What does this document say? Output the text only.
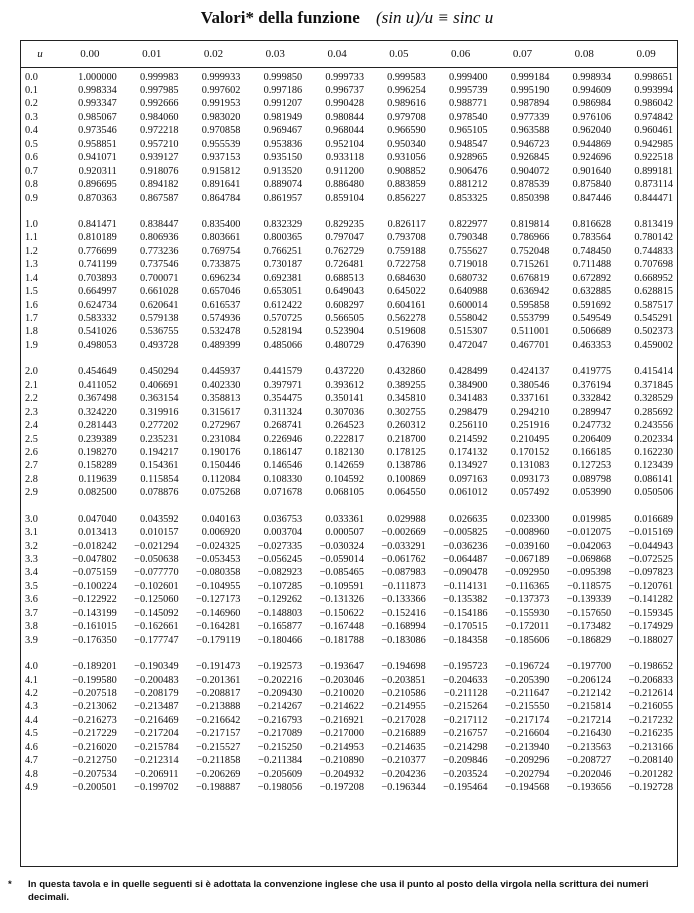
Valori* della funzione (sin u)/u ≡ sinc u
u	0.00	0.01	0.02	0.03	0.04	0.05	0.06	0.07	0.08	0.09
0.0	1.000000	0.999983	0.999933	0.999850	0.999733	0.999583	0.999400	0.999184	0.998934	0.998651
0.1	0.998334	0.997985	0.997602	0.997186	0.996737	0.996254	0.995739	0.995190	0.994609	0.993994
0.2	0.993347	0.992666	0.991953	0.991207	0.990428	0.989616	0.988771	0.987894	0.986984	0.986042
0.3	0.985067	0.984060	0.983020	0.981949	0.980844	0.979708	0.978540	0.977339	0.976106	0.974842
0.4	0.973546	0.972218	0.970858	0.969467	0.968044	0.966590	0.965105	0.963588	0.962040	0.960461
0.5	0.958851	0.957210	0.955539	0.953836	0.952104	0.950340	0.948547	0.946723	0.944869	0.942985
0.6	0.941071	0.939127	0.937153	0.935150	0.933118	0.931056	0.928965	0.926845	0.924696	0.922518
0.7	0.920311	0.918076	0.915812	0.913520	0.911200	0.908852	0.906476	0.904072	0.901640	0.899181
0.8	0.896695	0.894182	0.891641	0.889074	0.886480	0.883859	0.881212	0.878539	0.875840	0.873114
0.9	0.870363	0.867587	0.864784	0.861957	0.859104	0.856227	0.853325	0.850398	0.847446	0.844471

1.0	0.841471	0.838447	0.835400	0.832329	0.829235	0.826117	0.822977	0.819814	0.816628	0.813419
1.1	0.810189	0.806936	0.803661	0.800365	0.797047	0.793708	0.790348	0.786966	0.783564	0.780142
1.2	0.776699	0.773236	0.769754	0.766251	0.762729	0.759188	0.755627	0.752048	0.748450	0.744833
1.3	0.741199	0.737546	0.733875	0.730187	0.726481	0.722758	0.719018	0.715261	0.711488	0.707698
1.4	0.703893	0.700071	0.696234	0.692381	0.688513	0.684630	0.680732	0.676819	0.672892	0.668952
1.5	0.664997	0.661028	0.657046	0.653051	0.649043	0.645022	0.640988	0.636942	0.632885	0.628815
1.6	0.624734	0.620641	0.616537	0.612422	0.608297	0.604161	0.600014	0.595858	0.591692	0.587517
1.7	0.583332	0.579138	0.574936	0.570725	0.566505	0.562278	0.558042	0.553799	0.549549	0.545291
1.8	0.541026	0.536755	0.532478	0.528194	0.523904	0.519608	0.515307	0.511001	0.506689	0.502373
1.9	0.498053	0.493728	0.489399	0.485066	0.480729	0.476390	0.472047	0.467701	0.463353	0.459002

2.0	0.454649	0.450294	0.445937	0.441579	0.437220	0.432860	0.428499	0.424137	0.419775	0.415414
2.1	0.411052	0.406691	0.402330	0.397971	0.393612	0.389255	0.384900	0.380546	0.376194	0.371845
2.2	0.367498	0.363154	0.358813	0.354475	0.350141	0.345810	0.341483	0.337161	0.332842	0.328529
2.3	0.324220	0.319916	0.315617	0.311324	0.307036	0.302755	0.298479	0.294210	0.289947	0.285692
2.4	0.281443	0.277202	0.272967	0.268741	0.264523	0.260312	0.256110	0.251916	0.247732	0.243556
2.5	0.239389	0.235231	0.231084	0.226946	0.222817	0.218700	0.214592	0.210495	0.206409	0.202334
2.6	0.198270	0.194217	0.190176	0.186147	0.182130	0.178125	0.174132	0.170152	0.166185	0.162230
2.7	0.158289	0.154361	0.150446	0.146546	0.142659	0.138786	0.134927	0.131083	0.127253	0.123439
2.8	0.119639	0.115854	0.112084	0.108330	0.104592	0.100869	0.097163	0.093173	0.089798	0.086141
2.9	0.082500	0.078876	0.075268	0.071678	0.068105	0.064550	0.061012	0.057492	0.053990	0.050506

3.0	0.047040	0.043592	0.040163	0.036753	0.033361	0.029988	0.026635	0.023300	0.019985	0.016689
3.1	0.013413	0.010157	0.006920	0.003704	0.000507	−0.002669	−0.005825	−0.008960	−0.012075	−0.015169
3.2	−0.018242	−0.021294	−0.024325	−0.027335	−0.030324	−0.033291	−0.036236	−0.039160	−0.042063	−0.044943
3.3	−0.047802	−0.050638	−0.053453	−0.056245	−0.059014	−0.061762	−0.064487	−0.067189	−0.069868	−0.072525
3.4	−0.075159	−0.077770	−0.080358	−0.082923	−0.085465	−0.087983	−0.090478	−0.092950	−0.095398	−0.097823
3.5	−0.100224	−0.102601	−0.104955	−0.107285	−0.109591	−0.111873	−0.114131	−0.116365	−0.118575	−0.120761
3.6	−0.122922	−0.125060	−0.127173	−0.129262	−0.131326	−0.133366	−0.135382	−0.137373	−0.139339	−0.141282
3.7	−0.143199	−0.145092	−0.146960	−0.148803	−0.150622	−0.152416	−0.154186	−0.155930	−0.157650	−0.159345
3.8	−0.161015	−0.162661	−0.164281	−0.165877	−0.167448	−0.168994	−0.170515	−0.172011	−0.173482	−0.174929
3.9	−0.176350	−0.177747	−0.179119	−0.180466	−0.181788	−0.183086	−0.184358	−0.185606	−0.186829	−0.188027

4.0	−0.189201	−0.190349	−0.191473	−0.192573	−0.193647	−0.194698	−0.195723	−0.196724	−0.197700	−0.198652
4.1	−0.199580	−0.200483	−0.201361	−0.202216	−0.203046	−0.203851	−0.204633	−0.205390	−0.206124	−0.206833
4.2	−0.207518	−0.208179	−0.208817	−0.209430	−0.210020	−0.210586	−0.211128	−0.211647	−0.212142	−0.212614
4.3	−0.213062	−0.213487	−0.213888	−0.214267	−0.214622	−0.214955	−0.215264	−0.215550	−0.215814	−0.216055
4.4	−0.216273	−0.216469	−0.216642	−0.216793	−0.216921	−0.217028	−0.217112	−0.217174	−0.217214	−0.217232
4.5	−0.217229	−0.217204	−0.217157	−0.217089	−0.217000	−0.216889	−0.216757	−0.216604	−0.216430	−0.216235
4.6	−0.216020	−0.215784	−0.215527	−0.215250	−0.214953	−0.214635	−0.214298	−0.213940	−0.213563	−0.213166
4.7	−0.212750	−0.212314	−0.211858	−0.211384	−0.210890	−0.210377	−0.209846	−0.209296	−0.208727	−0.208140
4.8	−0.207534	−0.206911	−0.206269	−0.205609	−0.204932	−0.204236	−0.203524	−0.202794	−0.202046	−0.201282
4.9	−0.200501	−0.199702	−0.198887	−0.198056	−0.197208	−0.196344	−0.195464	−0.194568	−0.193656	−0.192728
* In questa tavola e in quelle seguenti si è adottata la convenzione inglese che usa il punto al posto della virgola nella scrittura dei numeri decimali.
